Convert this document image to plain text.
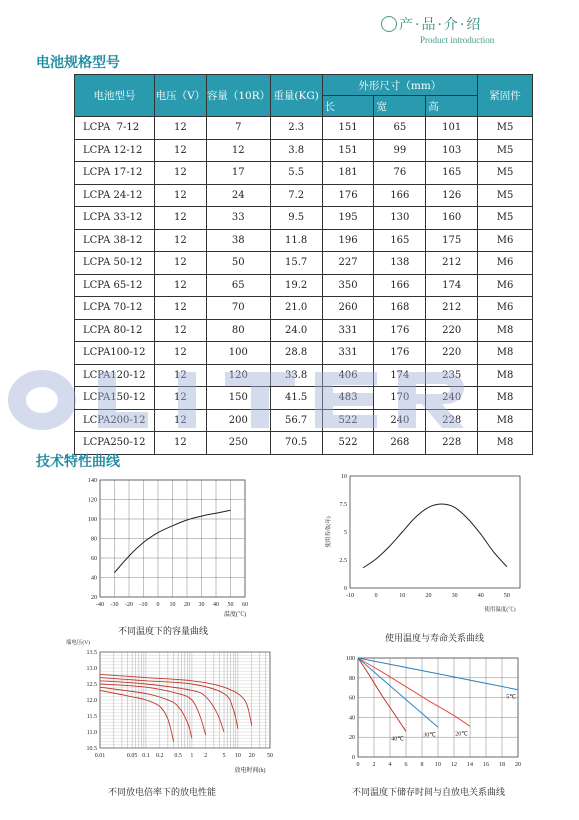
产·品·介·绍
Product introduction
电池规格型号
电池型号	电压（V）	容量（10R）	重量(KG)	外形尺寸（mm）			紧固件
				长	宽	高	
LCPA  7-12	12	7	2.3	151	65	101	M5
LCPA 12-12	12	12	3.8	151	99	103	M5
LCPA 17-12	12	17	5.5	181	76	165	M5
LCPA 24-12	12	24	7.2	176	166	126	M5
LCPA 33-12	12	33	9.5	195	130	160	M5
LCPA 38-12	12	38	11.8	196	165	175	M6
LCPA 50-12	12	50	15.7	227	138	212	M6
LCPA 65-12	12	65	19.2	350	166	174	M6
LCPA 70-12	12	70	21.0	260	168	212	M6
LCPA 80-12	12	80	24.0	331	176	220	M8
LCPA100-12	12	100	28.8	331	176	220	M8
LCPA120-12	12	120	33.8	406	174	235	M8
LCPA150-12	12	150	41.5	483	170	240	M8
LCPA200-12	12	200	56.7	522	240	228	M8
LCPA250-12	12	250	70.5	522	268	228	M8
技术特性曲线
-40 -30 -20 -10 0 10 20 30 40 50 60
20
40
60
80
100
120
140
温度(℃)
-10	0	10	20	30	40	50
0
2.5
5
7.5
10
使用寿命(年)
使用温度(℃)
0.01	0.05 0.1 0.2 0.5 1 2	5 10 20 50
10.5
11.0
11.5
12.0
12.5
13.0
13.5
端电压(V)
放电时间(h)
0 2 4 6 8 10 12 14 16 18 20
0
20
40
60
80
100
40℃
30℃	20℃
5℃
不同温度下的容量曲线
使用温度与寿命关系曲线
不同放电倍率下的放电性能	不同温度下储存时间与自放电关系曲线
